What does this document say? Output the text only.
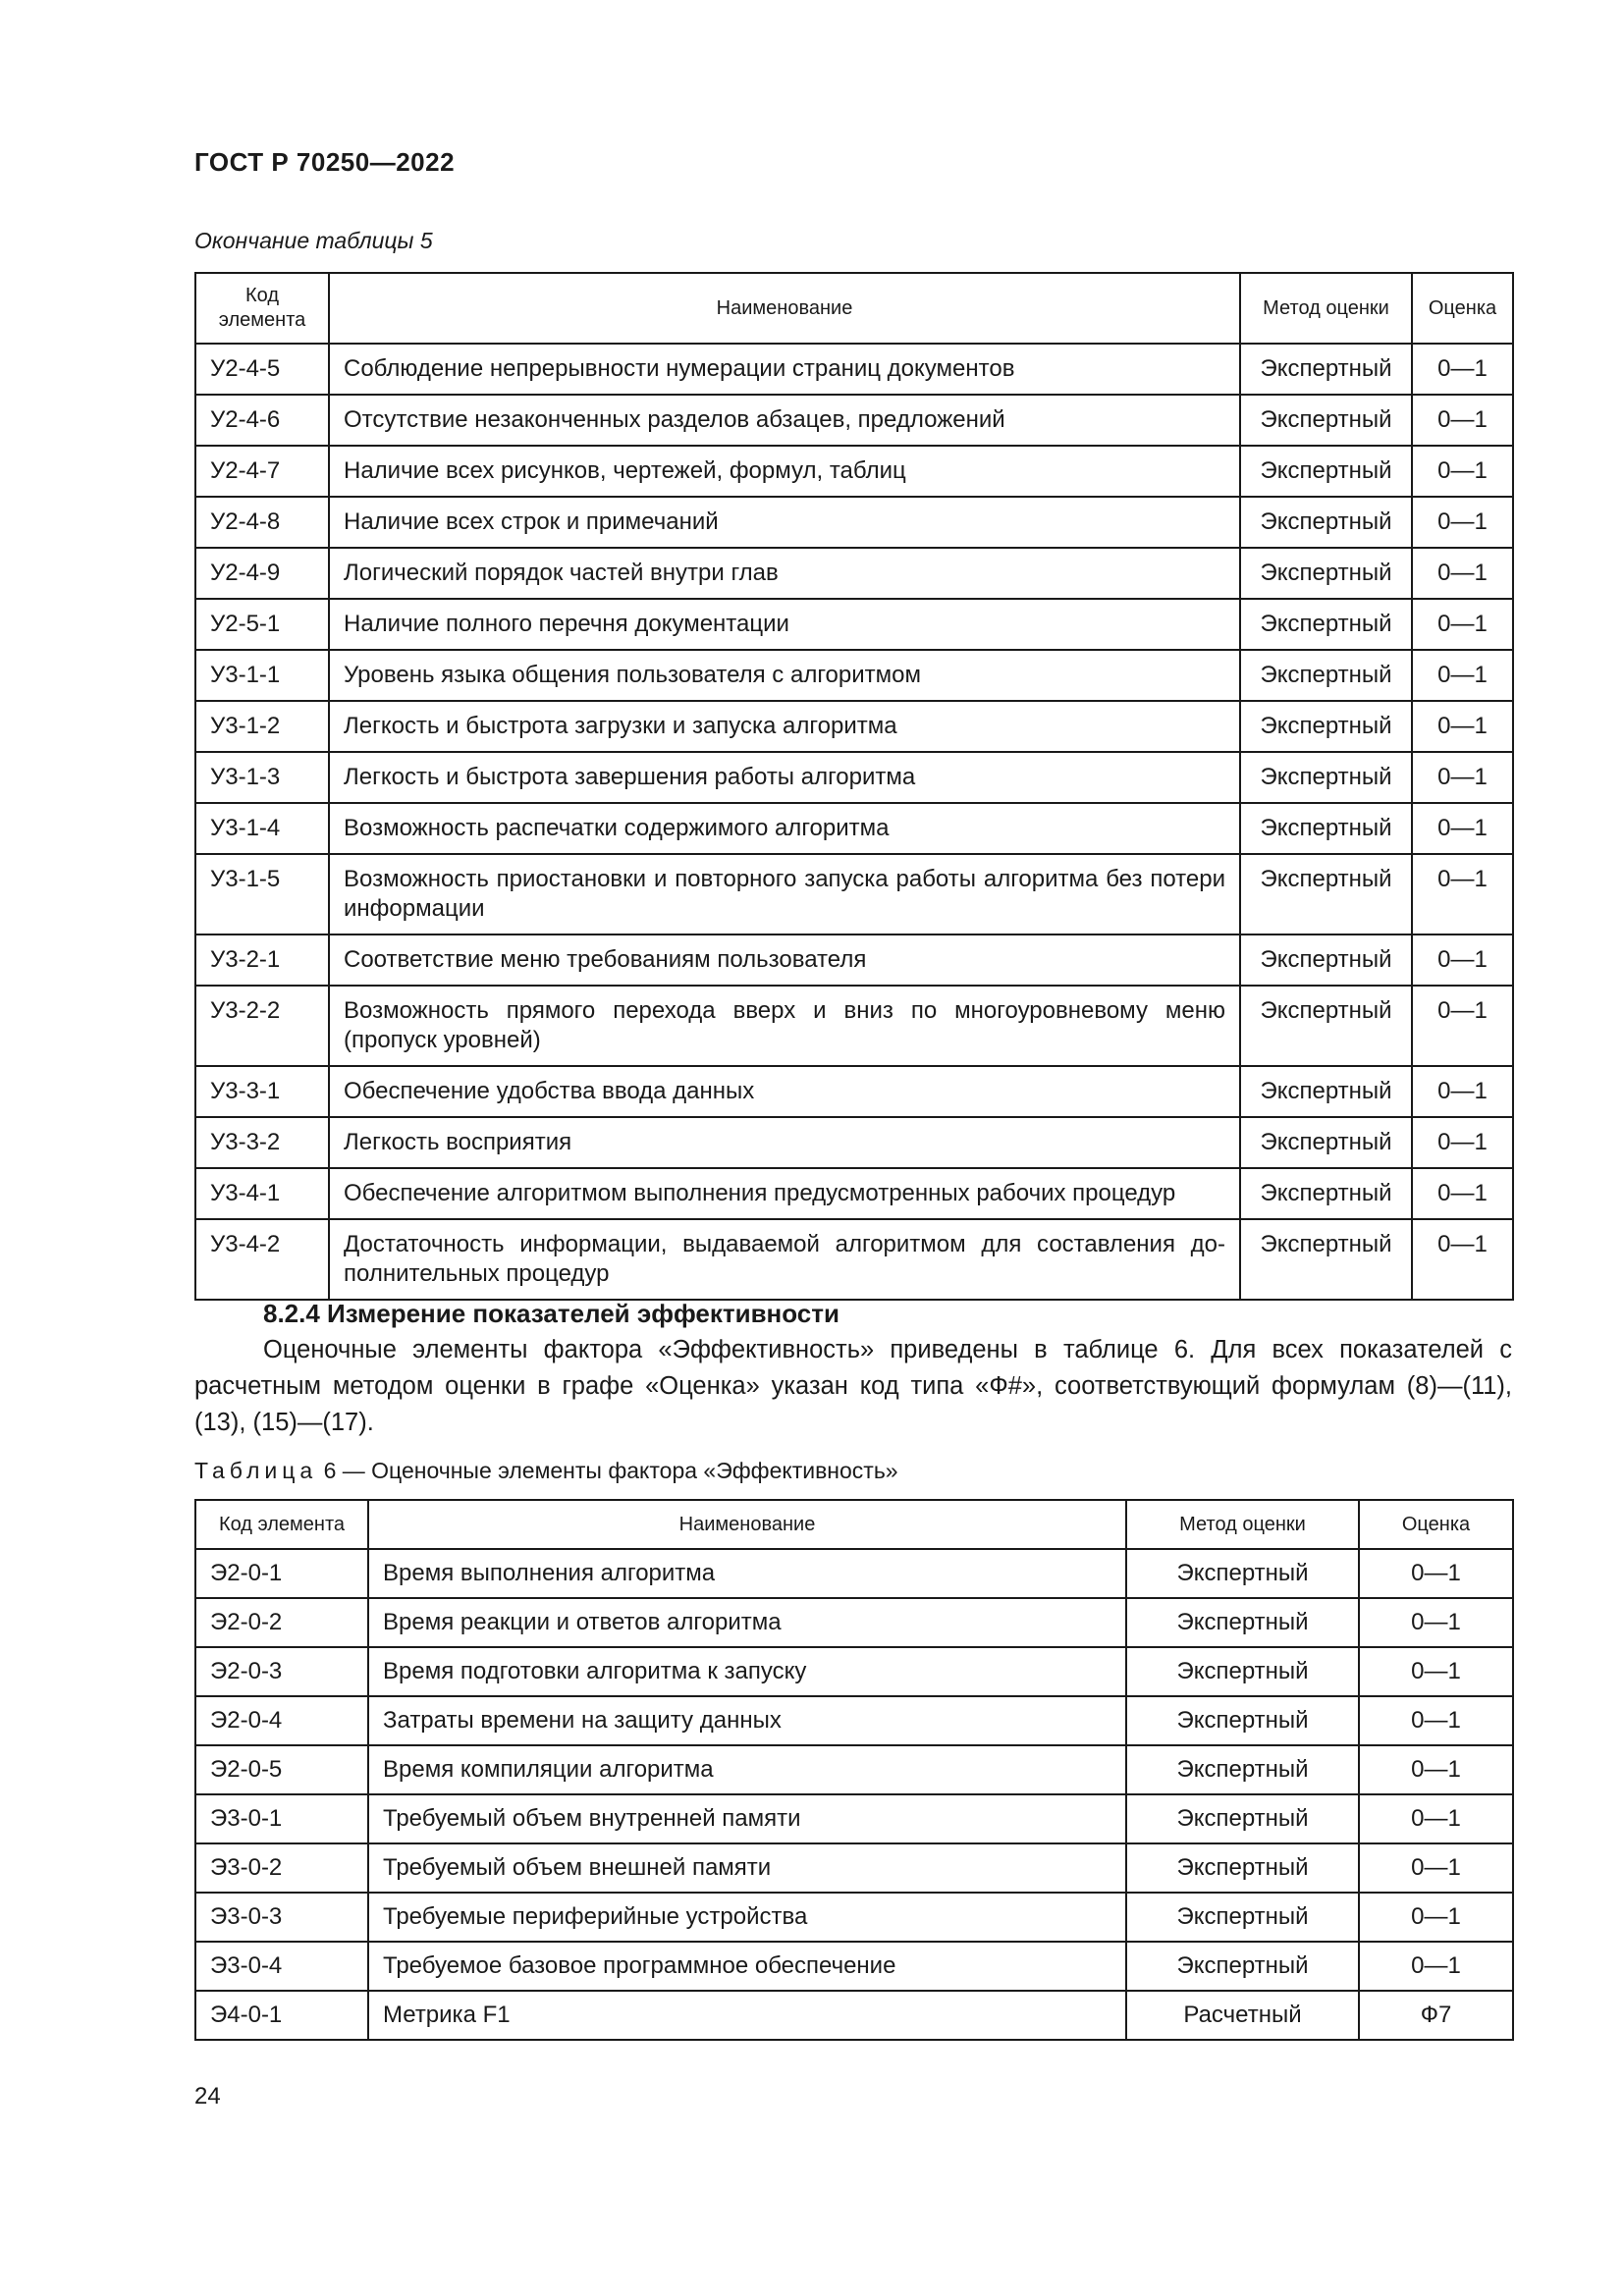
ГОСТ Р 70250—2022
Окончание таблицы 5
Код элемента	Наименование	Метод оценки	Оценка
У2-4-5	Соблюдение непрерывности нумерации страниц документов	Экспертный	0—1
У2-4-6	Отсутствие незаконченных разделов абзацев, предложений	Экспертный	0—1
У2-4-7	Наличие всех рисунков, чертежей, формул, таблиц	Экспертный	0—1
У2-4-8	Наличие всех строк и примечаний	Экспертный	0—1
У2-4-9	Логический порядок частей внутри глав	Экспертный	0—1
У2-5-1	Наличие полного перечня документации	Экспертный	0—1
У3-1-1	Уровень языка общения пользователя с алгоритмом	Экспертный	0—1
У3-1-2	Легкость и быстрота загрузки и запуска алгоритма	Экспертный	0—1
У3-1-3	Легкость и быстрота завершения работы алгоритма	Экспертный	0—1
У3-1-4	Возможность распечатки содержимого алгоритма	Экспертный	0—1
У3-1-5	Возможность приостановки и повторного запуска работы алгоритма без потери информации	Экспертный	0—1
У3-2-1	Соответствие меню требованиям пользователя	Экспертный	0—1
У3-2-2	Возможность прямого перехода вверх и вниз по многоуровневому меню (пропуск уровней)	Экспертный	0—1
У3-3-1	Обеспечение удобства ввода данных	Экспертный	0—1
У3-3-2	Легкость восприятия	Экспертный	0—1
У3-4-1	Обеспечение алгоритмом выполнения предусмотренных рабочих процедур	Экспертный	0—1
У3-4-2	Достаточность информации, выдаваемой алгоритмом для составления дополнительных процедур	Экспертный	0—1
8.2.4 Измерение показателей эффективности
Оценочные элементы фактора «Эффективность» приведены в таблице 6. Для всех показателей с расчетным методом оценки в графе «Оценка» указан код типа «Ф#», соответствующий формулам (8)—(11), (13), (15)—(17).
Таблица 6 — Оценочные элементы фактора «Эффективность»
Код элемента	Наименование	Метод оценки	Оценка
Э2-0-1	Время выполнения алгоритма	Экспертный	0—1
Э2-0-2	Время реакции и ответов алгоритма	Экспертный	0—1
Э2-0-3	Время подготовки алгоритма к запуску	Экспертный	0—1
Э2-0-4	Затраты времени на защиту данных	Экспертный	0—1
Э2-0-5	Время компиляции алгоритма	Экспертный	0—1
Э3-0-1	Требуемый объем внутренней памяти	Экспертный	0—1
Э3-0-2	Требуемый объем внешней памяти	Экспертный	0—1
Э3-0-3	Требуемые периферийные устройства	Экспертный	0—1
Э3-0-4	Требуемое базовое программное обеспечение	Экспертный	0—1
Э4-0-1	Метрика F1	Расчетный	Ф7
24
